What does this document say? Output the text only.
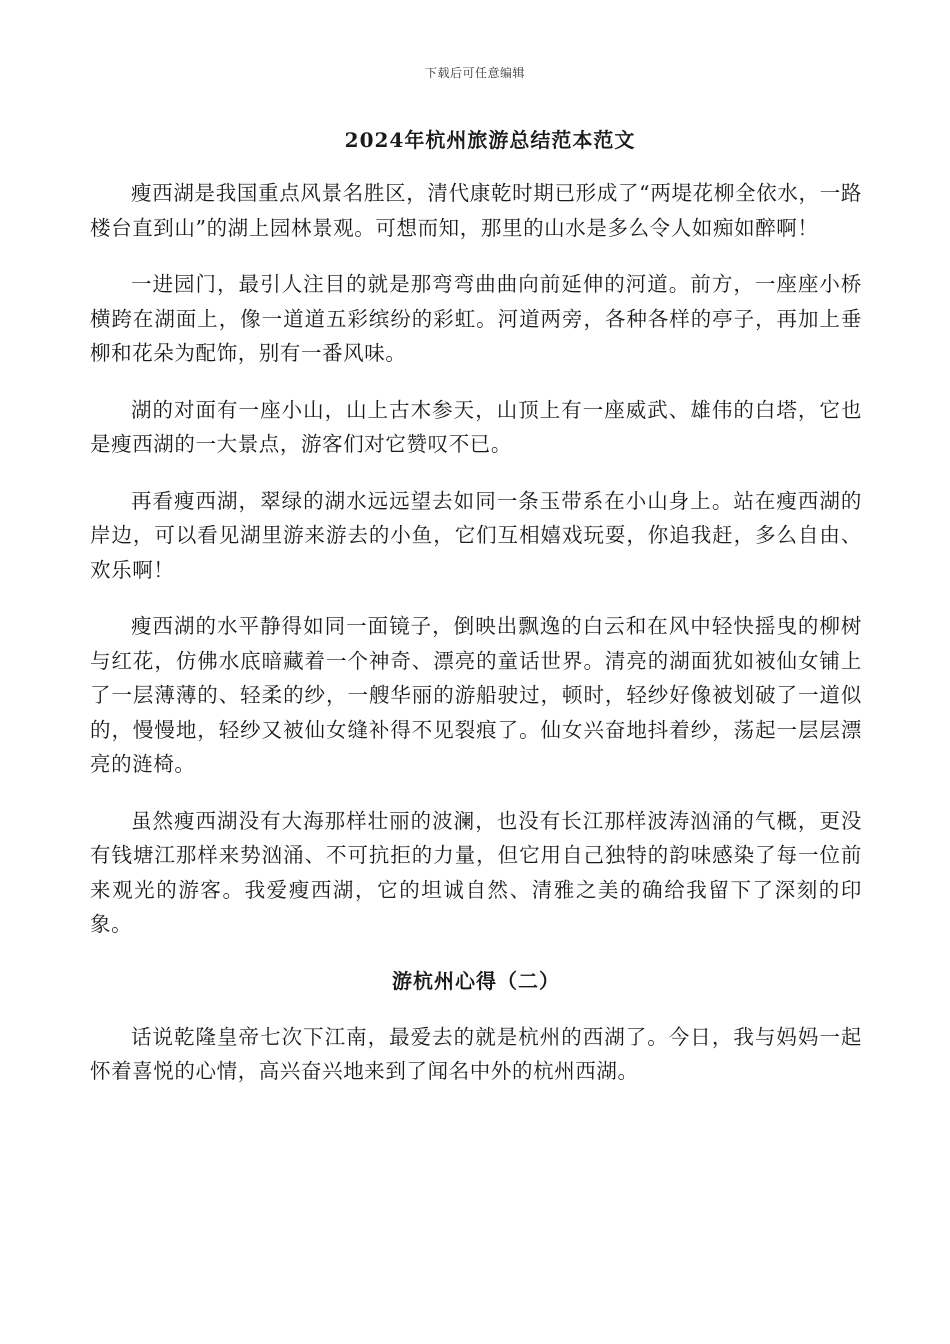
下载后可任意编辑
2024年杭州旅游总结范本范文

瘦西湖是我国重点风景名胜区，清代康乾时期已形成了“两堤花柳全依水，一路楼台直到山”的湖上园林景观。可想而知，那里的山水是多么令人如痴如醉啊！

一进园门，最引人注目的就是那弯弯曲曲向前延伸的河道。前方，一座座小桥横跨在湖面上，像一道道五彩缤纷的彩虹。河道两旁，各种各样的亭子，再加上垂柳和花朵为配饰，别有一番风味。

湖的对面有一座小山，山上古木参天，山顶上有一座威武、雄伟的白塔，它也是瘦西湖的一大景点，游客们对它赞叹不已。

再看瘦西湖，翠绿的湖水远远望去如同一条玉带系在小山身上。站在瘦西湖的岸边，可以看见湖里游来游去的小鱼，它们互相嬉戏玩耍，你追我赶，多么自由、欢乐啊！

瘦西湖的水平静得如同一面镜子，倒映出飘逸的白云和在风中轻快摇曳的柳树与红花，仿佛水底暗藏着一个神奇、漂亮的童话世界。清亮的湖面犹如被仙女铺上了一层薄薄的、轻柔的纱，一艘华丽的游船驶过，顿时，轻纱好像被划破了一道似的，慢慢地，轻纱又被仙女缝补得不见裂痕了。仙女兴奋地抖着纱，荡起一层层漂亮的涟椅。

虽然瘦西湖没有大海那样壮丽的波澜，也没有长江那样波涛汹涌的气概，更没有钱塘江那样来势汹涌、不可抗拒的力量，但它用自己独特的韵味感染了每一位前来观光的游客。我爱瘦西湖，它的坦诚自然、清雅之美的确给我留下了深刻的印象。

游杭州心得（二）

话说乾隆皇帝七次下江南，最爱去的就是杭州的西湖了。今日，我与妈妈一起怀着喜悦的心情，高兴奋兴地来到了闻名中外的杭州西湖。
